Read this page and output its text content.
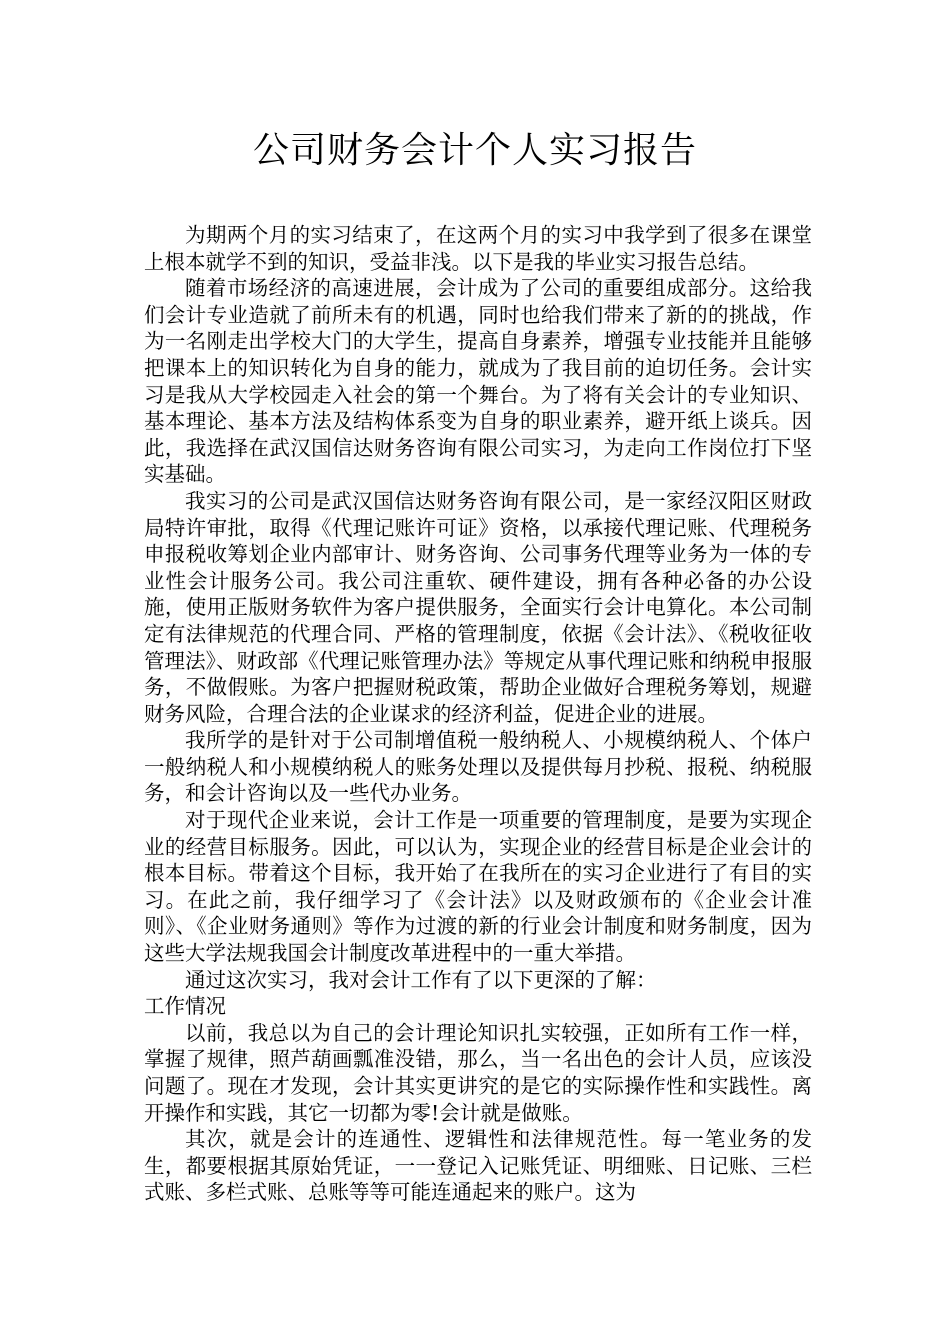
公司财务会计个人实习报告

为期两个月的实习结束了，在这两个月的实习中我学到了很多在课堂上根本就学不到的知识，受益非浅。以下是我的毕业实习报告总结。

随着市场经济的高速进展，会计成为了公司的重要组成部分。这给我们会计专业造就了前所未有的机遇，同时也给我们带来了新的的挑战，作为一名刚走出学校大门的大学生，提高自身素养，增强专业技能并且能够把课本上的知识转化为自身的能力，就成为了我目前的迫切任务。会计实习是我从大学校园走入社会的第一个舞台。为了将有关会计的专业知识、基本理论、基本方法及结构体系变为自身的职业素养，避开纸上谈兵。因此，我选择在武汉国信达财务咨询有限公司实习，为走向工作岗位打下坚实基础。

我实习的公司是武汉国信达财务咨询有限公司，是一家经汉阳区财政局特许审批，取得《代理记账许可证》资格，以承接代理记账、代理税务申报税收筹划企业内部审计、财务咨询、公司事务代理等业务为一体的专业性会计服务公司。我公司注重软、硬件建设，拥有各种必备的办公设施，使用正版财务软件为客户提供服务，全面实行会计电算化。本公司制定有法律规范的代理合同、严格的管理制度，依据《会计法》、《税收征收管理法》、财政部《代理记账管理办法》等规定从事代理记账和纳税申报服务，不做假账。为客户把握财税政策，帮助企业做好合理税务筹划，规避财务风险，合理合法的企业谋求的经济利益，促进企业的进展。

我所学的是针对于公司制增值税一般纳税人、小规模纳税人、个体户一般纳税人和小规模纳税人的账务处理以及提供每月抄税、报税、纳税服务，和会计咨询以及一些代办业务。

对于现代企业来说，会计工作是一项重要的管理制度，是要为实现企业的经营目标服务。因此，可以认为，实现企业的经营目标是企业会计的根本目标。带着这个目标，我开始了在我所在的实习企业进行了有目的实习。在此之前，我仔细学习了《会计法》以及财政颁布的《企业会计准则》、《企业财务通则》等作为过渡的新的行业会计制度和财务制度，因为这些大学法规我国会计制度改革进程中的一重大举措。

通过这次实习，我对会计工作有了以下更深的了解：

工作情况

以前，我总以为自己的会计理论知识扎实较强，正如所有工作一样，掌握了规律，照芦葫画瓢准没错，那么，当一名出色的会计人员，应该没问题了。现在才发现，会计其实更讲究的是它的实际操作性和实践性。离开操作和实践，其它一切都为零!会计就是做账。

其次，就是会计的连通性、逻辑性和法律规范性。每一笔业务的发生，都要根据其原始凭证，一一登记入记账凭证、明细账、日记账、三栏式账、多栏式账、总账等等可能连通起来的账户。这为
